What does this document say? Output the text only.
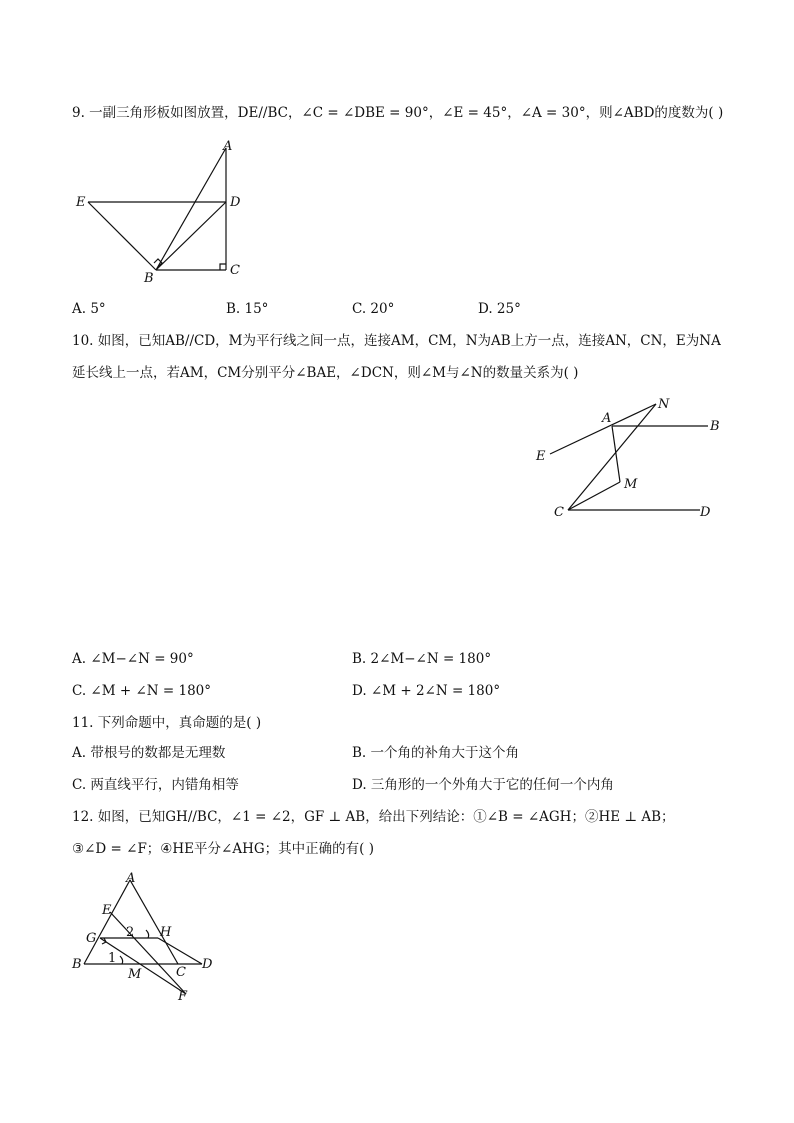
9. 一副三角形板如图放置，DE//BC，∠C = ∠DBE = 90°，∠E = 45°，∠A = 30°，则∠ABD的度数为( )
A
E	D
B
C
A. 5°	B. 15°	C. 20°	D. 25°
10. 如图，已知AB//CD，M为平行线之间一点，连接AM，CM，N为AB上方一点，连接AN，CN，E为NA
延长线上一点，若AM，CM分别平分∠BAE，∠DCN，则∠M与∠N的数量关系为( )
A
N
B
E
M
C	D
A. ∠M−∠N = 90°	B. 2∠M−∠N = 180°
C. ∠M + ∠N = 180°	D. ∠M + 2∠N = 180°
11. 下列命题中，真命题的是( )
A. 带根号的数都是无理数	B. 一个角的补角大于这个角
C. 两直线平行，内错角相等	D. 三角形的一个外角大于它的任何一个内角
12. 如图，已知GH//BC，∠1 = ∠2，GF ⊥ AB，给出下列结论：①∠B = ∠AGH；②HE ⊥ AB；
③∠D = ∠F；④HE平分∠AHG；其中正确的有( )
A
E
G	H
B
M	C
D
F
1
2
